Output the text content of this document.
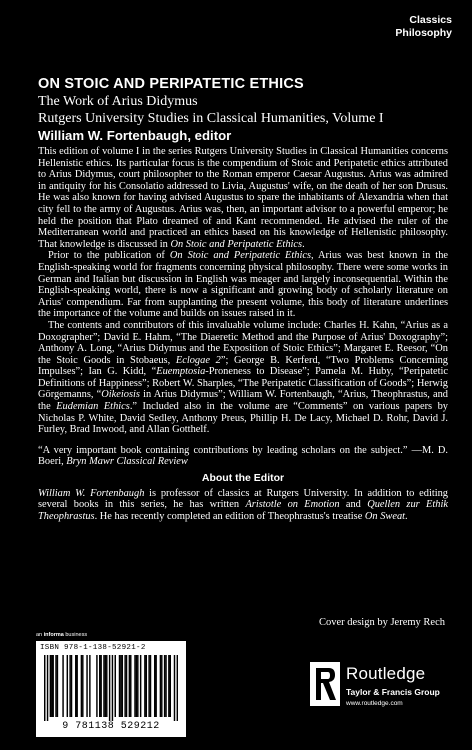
Classics
Philosophy
ON STOIC AND PERIPATETIC ETHICS
The Work of Arius Didymus
Rutgers University Studies in Classical Humanities, Volume I
William W. Fortenbaugh, editor

This edition of volume I in the series Rutgers University Studies in Classical Humanities concerns Hellenistic ethics. Its particular focus is the compendium of Stoic and Peripatetic ethics attributed to Arius Didymus, court philosopher to the Roman emperor Caesar Augustus. Arius was admired in antiquity for his Consolatio addressed to Livia, Augustus' wife, on the death of her son Drusus. He was also known for having advised Augustus to spare the inhabitants of Alexandria when that city fell to the army of Augustus. Arius was, then, an important advisor to a powerful emperor; he held the position that Plato dreamed of and Kant recommended. He advised the ruler of the Mediterranean world and practiced an ethics based on his knowledge of Hellenistic philosophy. That knowledge is discussed in On Stoic and Peripatetic Ethics.

Prior to the publication of On Stoic and Peripatetic Ethics, Arius was best known in the English-speaking world for fragments concerning physical philosophy. There were some works in German and Italian but discussion in English was meager and largely inconsequential. Within the English-speaking world, there is now a significant and growing body of scholarly literature on Arius' compendium. Far from supplanting the present volume, this body of literature underlines the importance of the volume and builds on issues raised in it.

The contents and contributors of this invaluable volume include: Charles H. Kahn, “Arius as a Doxographer”; David E. Hahm, “The Diaeretic Method and the Purpose of Arius' Doxography”; Anthony A. Long, “Arius Didymus and the Exposition of Stoic Ethics”; Margaret E. Reesor, “On the Stoic Goods in Stobaeus, Eclogae 2”; George B. Kerferd, “Two Problems Concerning Impulses”; Ian G. Kidd, “Euemptosia-Proneness to Disease”; Pamela M. Huby, “Peripatetic Definitions of Happiness”; Robert W. Sharples, “The Peripatetic Classification of Goods”; Herwig Görgemanns, “Oikeiosis in Arius Didymus”; William W. Fortenbaugh, “Arius, Theophrastus, and the Eudemian Ethics.” Included also in the volume are “Comments” on various papers by Nicholas P. White, David Sedley, Anthony Preus, Phillip H. De Lacy, Michael D. Rohr, David J. Furley, Brad Inwood, and Allan Gotthelf.

“A very important book containing contributions by leading scholars on the subject.” —M. D. Boeri, Bryn Mawr Classical Review

About the Editor

William W. Fortenbaugh is professor of classics at Rutgers University. In addition to editing several books in this series, he has written Aristotle on Emotion and Quellen zur Ethik Theophrastus. He has recently completed an edition of Theophrastus's treatise On Sweat.

Cover design by Jeremy Rech
an informa business
ISBN 978-1-138-52921-2
9 781138 529212
Routledge
Taylor & Francis Group
www.routledge.com
